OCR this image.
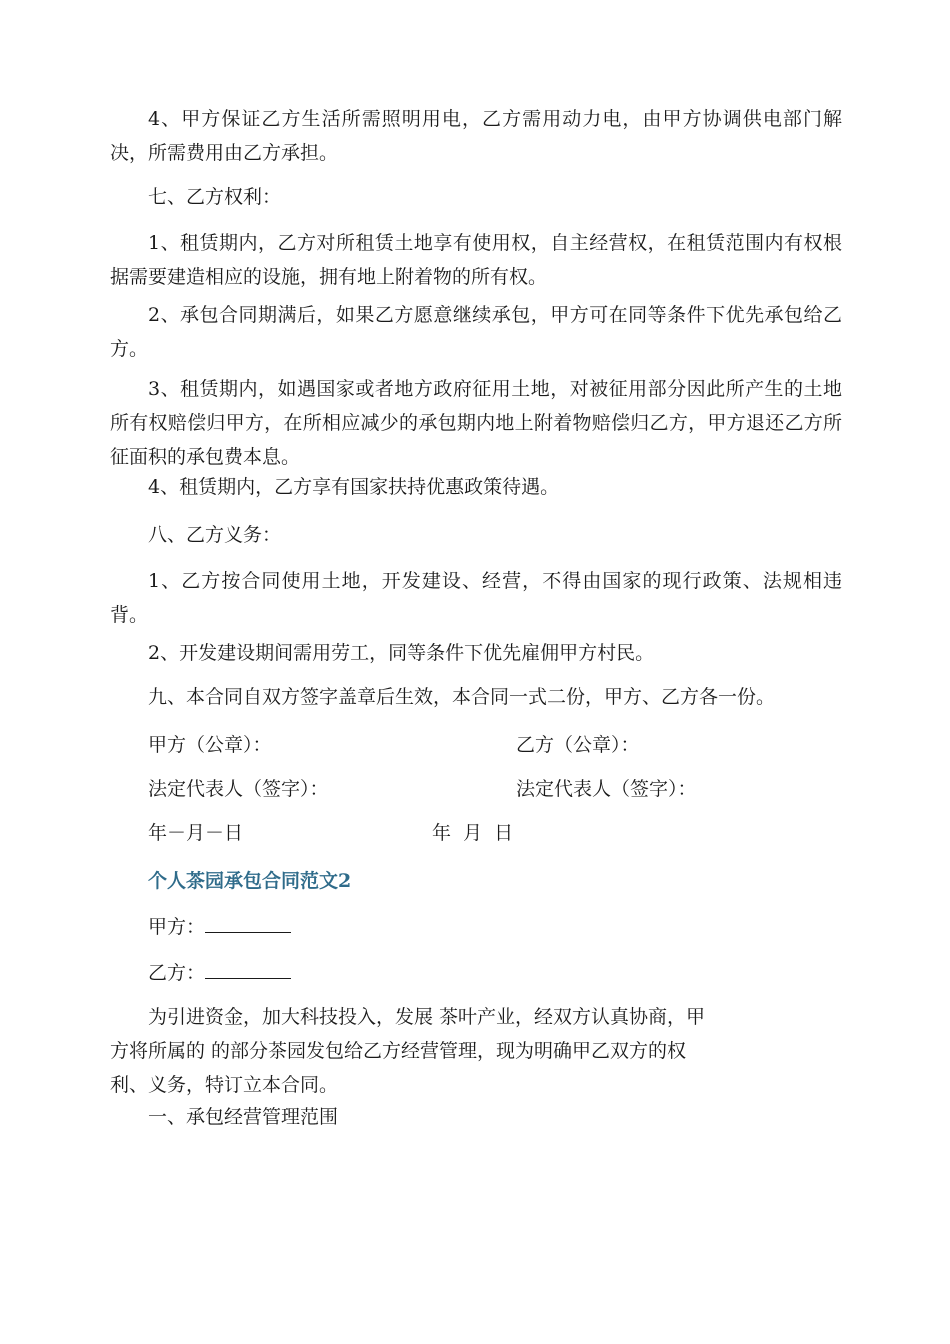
4、甲方保证乙方生活所需照明用电，乙方需用动力电，由甲方协调供电部门解决，所需费用由乙方承担。

七、乙方权利：

1、租赁期内，乙方对所租赁土地享有使用权，自主经营权，在租赁范围内有权根据需要建造相应的设施，拥有地上附着物的所有权。

2、承包合同期满后，如果乙方愿意继续承包，甲方可在同等条件下优先承包给乙方。

3、租赁期内，如遇国家或者地方政府征用土地，对被征用部分因此所产生的土地所有权赔偿归甲方，在所相应减少的承包期内地上附着物赔偿归乙方，甲方退还乙方所征面积的承包费本息。

4、租赁期内，乙方享有国家扶持优惠政策待遇。

八、乙方义务：

1、乙方按合同使用土地，开发建设、经营，不得由国家的现行政策、法规相违背。

2、开发建设期间需用劳工，同等条件下优先雇佣甲方村民。

九、本合同自双方签字盖章后生效，本合同一式二份，甲方、乙方各一份。

甲方（公章）：	乙方（公章）：

法定代表人（签字）：	法定代表人（签字）：

年－月－日	年  月  日

个人茶园承包合同范文2

甲方：

乙方：

为引进资金，加大科技投入，发展 茶叶产业，经双方认真协商，甲
方将所属的 的部分茶园发包给乙方经营管理，现为明确甲乙双方的权
利、义务，特订立本合同。

一、承包经营管理范围
